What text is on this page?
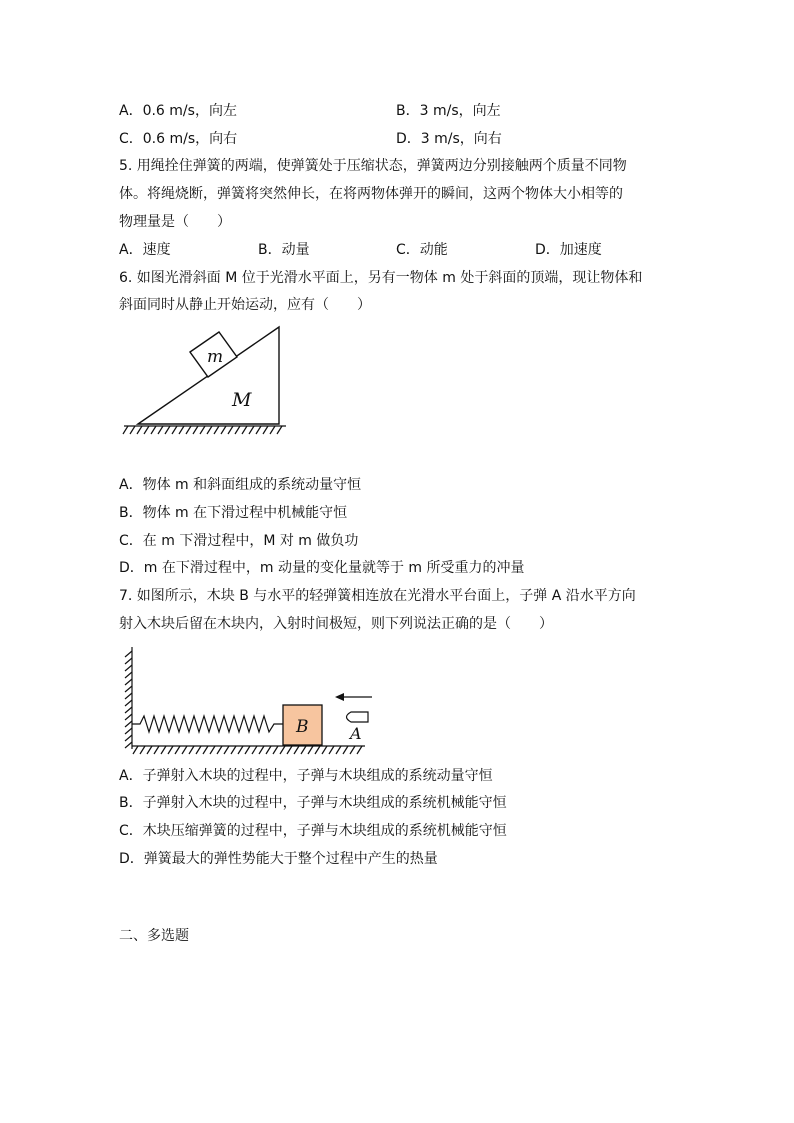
A．0.6 m/s，向左	B．3 m/s，向左
C．0.6 m/s，向右	D．3 m/s，向右
5. 用绳拴住弹簧的两端，使弹簧处于压缩状态，弹簧两边分别接触两个质量不同物
体。将绳烧断，弹簧将突然伸长，在将两物体弹开的瞬间，这两个物体大小相等的
物理量是（　　）
A．速度	B．动量	C．动能	D．加速度
6. 如图光滑斜面 M 位于光滑水平面上，另有一物体 m 处于斜面的顶端，现让物体和
斜面同时从静止开始运动，应有（　　）
m
M
A．物体 m 和斜面组成的系统动量守恒
B．物体 m 在下滑过程中机械能守恒
C．在 m 下滑过程中，M 对 m 做负功
D．m 在下滑过程中，m 动量的变化量就等于 m 所受重力的冲量
7. 如图所示，木块 B 与水平的轻弹簧相连放在光滑水平台面上，子弹 A 沿水平方向
射入木块后留在木块内，入射时间极短，则下列说法正确的是（　　）
B	A
A．子弹射入木块的过程中，子弹与木块组成的系统动量守恒
B．子弹射入木块的过程中，子弹与木块组成的系统机械能守恒
C．木块压缩弹簧的过程中，子弹与木块组成的系统机械能守恒
D．弹簧最大的弹性势能大于整个过程中产生的热量
二、多选题
